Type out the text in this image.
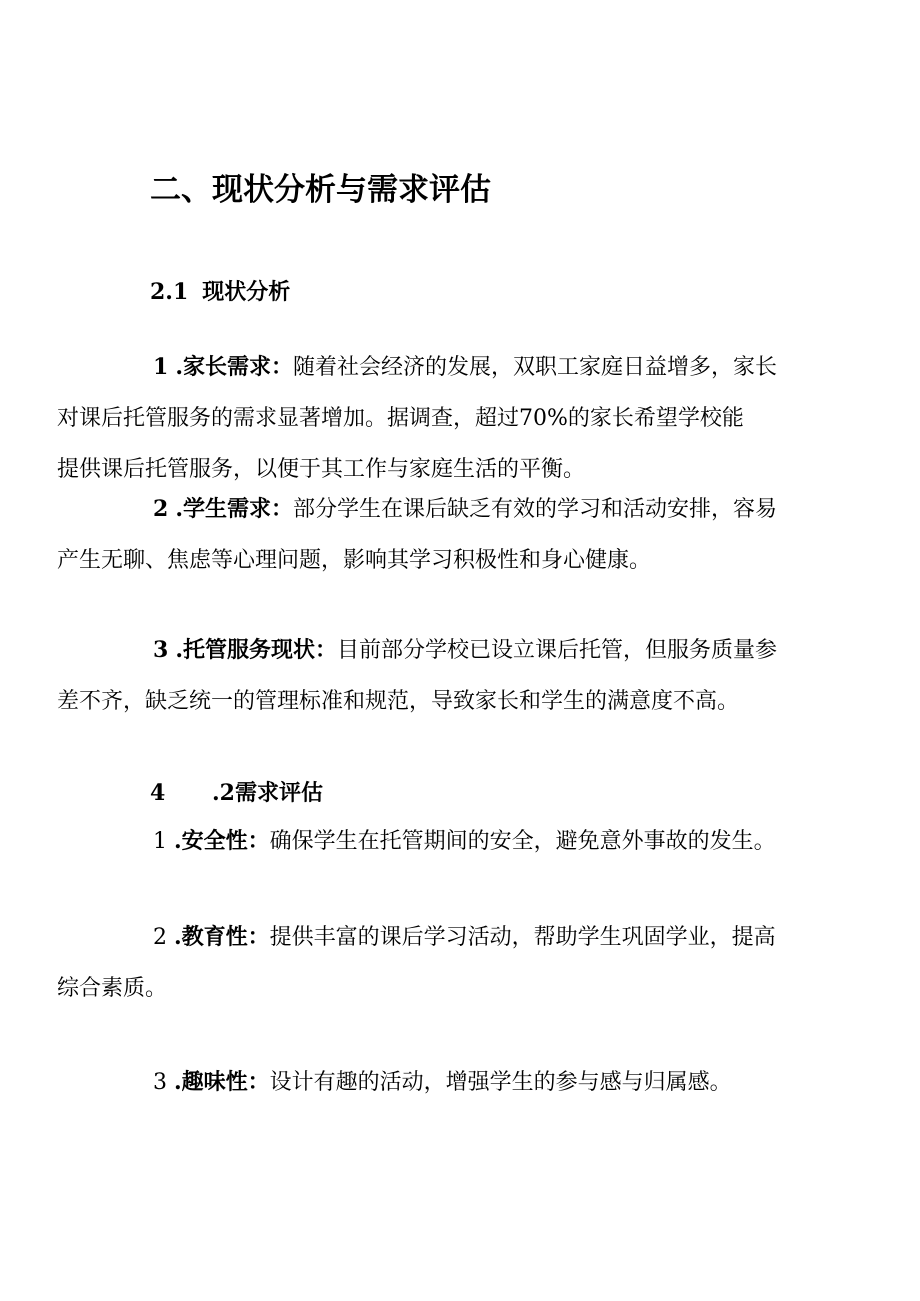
二、现状分析与需求评估
2.1 现状分析
1 .家长需求：随着社会经济的发展，双职工家庭日益增多，家长
对课后托管服务的需求显著增加。据调查，超过70%的家长希望学校能
提供课后托管服务，以便于其工作与家庭生活的平衡。
2 .学生需求：部分学生在课后缺乏有效的学习和活动安排，容易
产生无聊、焦虑等心理问题，影响其学习积极性和身心健康。
3 .托管服务现状：目前部分学校已设立课后托管，但服务质量参
差不齐，缺乏统一的管理标准和规范，导致家长和学生的满意度不高。
4 .2需求评估
1 .安全性：确保学生在托管期间的安全，避免意外事故的发生。
2 .教育性：提供丰富的课后学习活动，帮助学生巩固学业，提高
综合素质。
3 .趣味性：设计有趣的活动，增强学生的参与感与归属感。
